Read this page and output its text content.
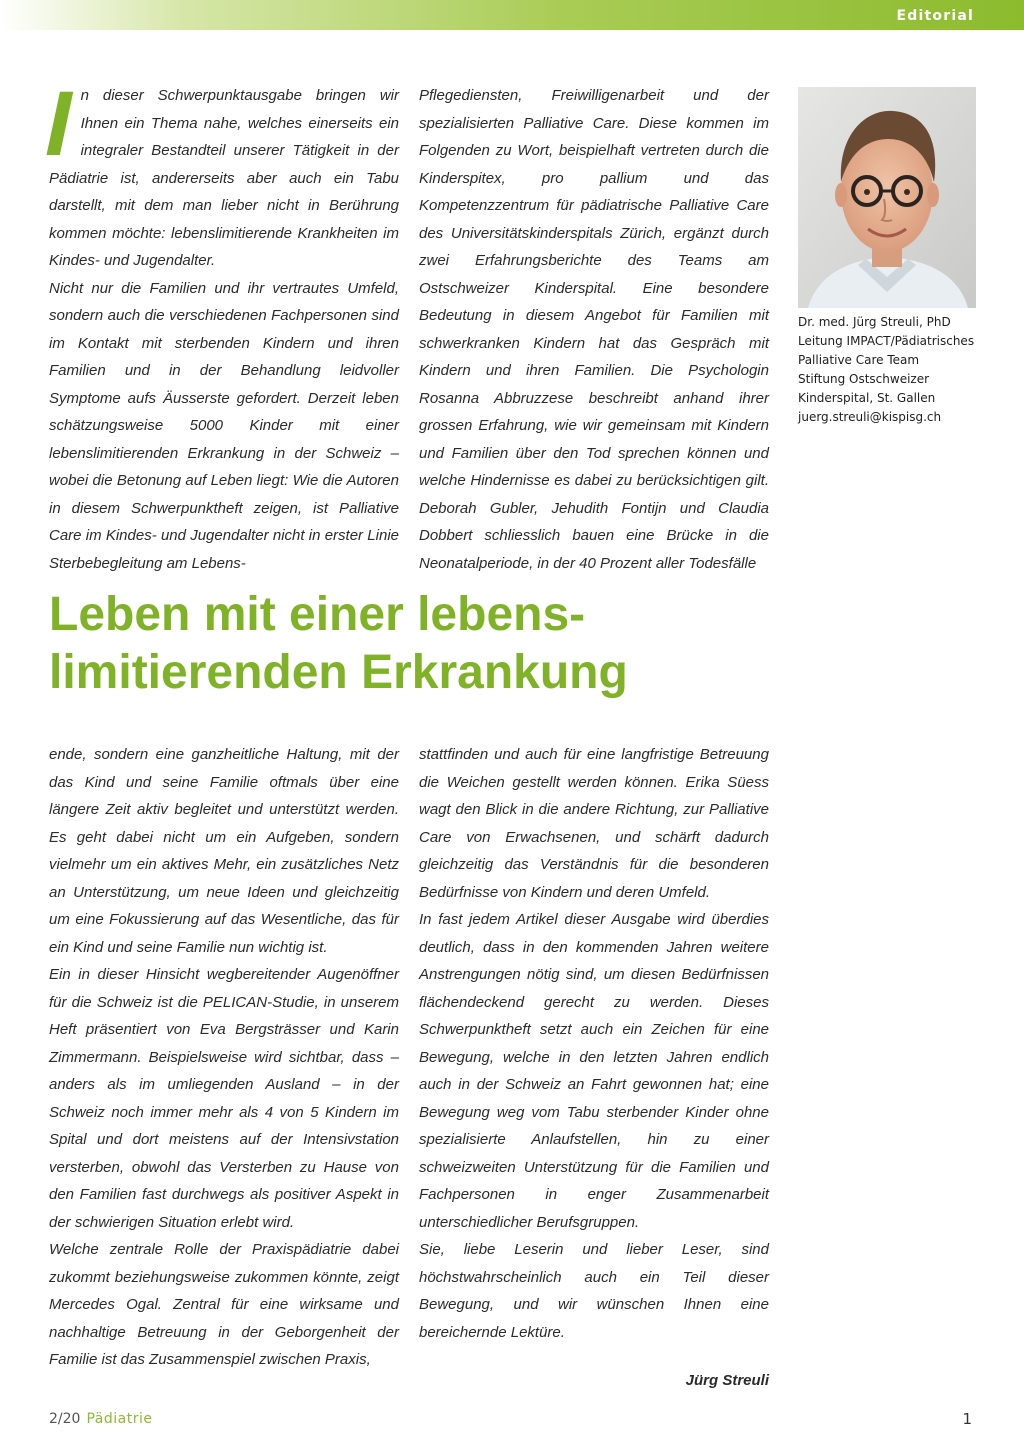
Editorial

I
n dieser Schwerpunktausgabe bringen wir Ihnen ein Thema nahe, welches einerseits ein integraler Bestandteil unserer Tätigkeit in der Pädiatrie ist, andererseits aber auch ein Tabu darstellt, mit dem man lieber nicht in Berührung kommen möchte: lebenslimitierende Krankheiten im Kindes- und Jugendalter.

Nicht nur die Familien und ihr vertrautes Umfeld, sondern auch die verschiedenen Fachpersonen sind im Kontakt mit sterbenden Kindern und ihren Familien und in der Behandlung leidvoller Symptome aufs Äusserste gefordert. Derzeit leben schätzungsweise 5000 Kinder mit einer lebenslimitierenden Erkrankung in der Schweiz – wobei die Betonung auf Leben liegt: Wie die Autoren in diesem Schwerpunktheft zeigen, ist Palliative Care im Kindes- und Jugendalter nicht in erster Linie Sterbebegleitung am Lebens-

Pflegediensten, Freiwilligenarbeit und der spezialisierten Palliative Care. Diese kommen im Folgenden zu Wort, beispielhaft vertreten durch die Kinderspitex, pro pallium und das Kompetenzzentrum für pädiatrische Palliative Care des Universitätskinderspitals Zürich, ergänzt durch zwei Erfahrungsberichte des Teams am Ostschweizer Kinderspital. Eine besondere Bedeutung in diesem Angebot für Familien mit schwerkranken Kindern hat das Gespräch mit Kindern und ihren Familien. Die Psychologin Rosanna Abbruzzese beschreibt anhand ihrer grossen Erfahrung, wie wir gemeinsam mit Kindern und Familien über den Tod sprechen können und welche Hindernisse es dabei zu berücksichtigen gilt. Deborah Gubler, Jehudith Fontijn und Claudia Dobbert schliesslich bauen eine Brücke in die Neonatalperiode, in der 40 Prozent aller Todesfälle

Dr. med. Jürg Streuli, PhD
Leitung IMPACT/Pädiatrisches
Palliative Care Team
Stiftung Ostschweizer
Kinderspital, St. Gallen
juerg.streuli@kispisg.ch
Leben mit einer lebens-
limitierenden Erkrankung

ende, sondern eine ganzheitliche Haltung, mit der das Kind und seine Familie oftmals über eine längere Zeit aktiv begleitet und unterstützt werden. Es geht dabei nicht um ein Aufgeben, sondern vielmehr um ein aktives Mehr, ein zusätzliches Netz an Unterstützung, um neue Ideen und gleichzeitig um eine Fokussierung auf das Wesentliche, das für ein Kind und seine Familie nun wichtig ist.

Ein in dieser Hinsicht wegbereitender Augenöffner für die Schweiz ist die PELICAN-Studie, in unserem Heft präsentiert von Eva Bergsträsser und Karin Zimmermann. Beispielsweise wird sichtbar, dass – anders als im umliegenden Ausland – in der Schweiz noch immer mehr als 4 von 5 Kindern im Spital und dort meistens auf der Intensivstation versterben, obwohl das Versterben zu Hause von den Familien fast durchwegs als positiver Aspekt in der schwierigen Situation erlebt wird.

Welche zentrale Rolle der Praxispädiatrie dabei zukommt beziehungsweise zukommen könnte, zeigt Mercedes Ogal. Zentral für eine wirksame und nachhaltige Betreuung in der Geborgenheit der Familie ist das Zusammenspiel zwischen Praxis,

stattfinden und auch für eine langfristige Betreuung die Weichen gestellt werden können. Erika Süess wagt den Blick in die andere Richtung, zur Palliative Care von Erwachsenen, und schärft dadurch gleichzeitig das Verständnis für die besonderen Bedürfnisse von Kindern und deren Umfeld.

In fast jedem Artikel dieser Ausgabe wird überdies deutlich, dass in den kommenden Jahren weitere Anstrengungen nötig sind, um diesen Bedürfnissen flächendeckend gerecht zu werden. Dieses Schwerpunktheft setzt auch ein Zeichen für eine Bewegung, welche in den letzten Jahren endlich auch in der Schweiz an Fahrt gewonnen hat; eine Bewegung weg vom Tabu sterbender Kinder ohne spezialisierte Anlaufstellen, hin zu einer schweizweiten Unterstützung für die Familien und Fachpersonen in enger Zusammenarbeit unterschiedlicher Berufsgruppen.

Sie, liebe Leserin und lieber Leser, sind höchstwahrscheinlich auch ein Teil dieser Bewegung, und wir wünschen Ihnen eine bereichernde Lektüre.

Jürg Streuli

2/20 Pädiatrie	1
